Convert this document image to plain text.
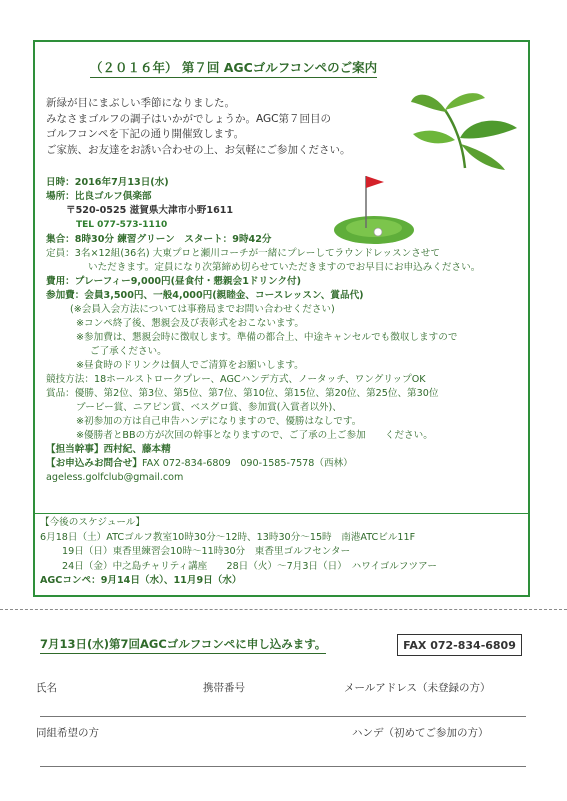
（２０１６年） 第７回 AGCゴルフコンペのご案内
新緑が目にまぶしい季節になりました。
みなさまゴルフの調子はいかがでしょうか。AGC第７回目の
ゴルフコンペを下記の通り開催致します。
ご家族、お友達をお誘い合わせの上、お気軽にご参加ください。
日時：2016年7月13日(水)
場所：比良ゴルフ倶楽部
〒520-0525 滋賀県大津市小野1611
TEL 077-573-1110
集合：8時30分 練習グリーン　スタート：9時42分
定員：3名×12組(36名) 大東プロと瀬川コーチが一緒にプレーしてラウンドレッスンさせて
いただきます。定員になり次第締め切らせていただきますのでお早目にお申込みください。
費用：プレーフィー9,000円(昼食付・懇親会1ドリンク付)
参加費：会員3,500円、一般4,000円(親睦金、コースレッスン、賞品代)
(※会員入会方法については事務局までお問い合わせください)
※コンペ終了後、懇親会及び表彰式をおこないます。
※参加費は、懇親会時に徴収します。準備の都合上、中途キャンセルでも徴収しますので
ご了承ください。
※昼食時のドリンクは個人でご清算をお願いします。
競技方法：18ホールストロークプレー、AGCハンデ方式、ノータッチ、ワングリップOK
賞品：優勝、第2位、第3位、第5位、第7位、第10位、第15位、第20位、第25位、第30位
ブービー賞、ニアピン賞、ベスグロ賞、参加賞(入賞者以外)、
※初参加の方は自己申告ハンデになりますので、優勝はなしです。
※優勝者とBBの方が次回の幹事となりますので、ご了承の上ご参加　　ください。
【担当幹事】西村紀、藤本精
【お申込みお問合せ】FAX 072-834-6809　090-1585-7578（西林）
ageless.golfclub@gmail.com
【今後のスケジュール】
6月18日（土）ATCゴルフ教室10時30分～12時、13時30分～15時　南港ATCビル11F
19日（日）東香里練習会10時～11時30分　東香里ゴルフセンター
24日（金）中之島チャリティ講座　　28日（火）～7月3日（日）　ハワイゴルフツアー
AGCコンペ：9月14日（水）、11月9日（水）
7月13日(水)第7回AGCゴルフコンペに申し込みます。	FAX 072-834-6809
氏名	携帯番号	メールアドレス（未登録の方）
同組希望の方	ハンデ（初めてご参加の方）
